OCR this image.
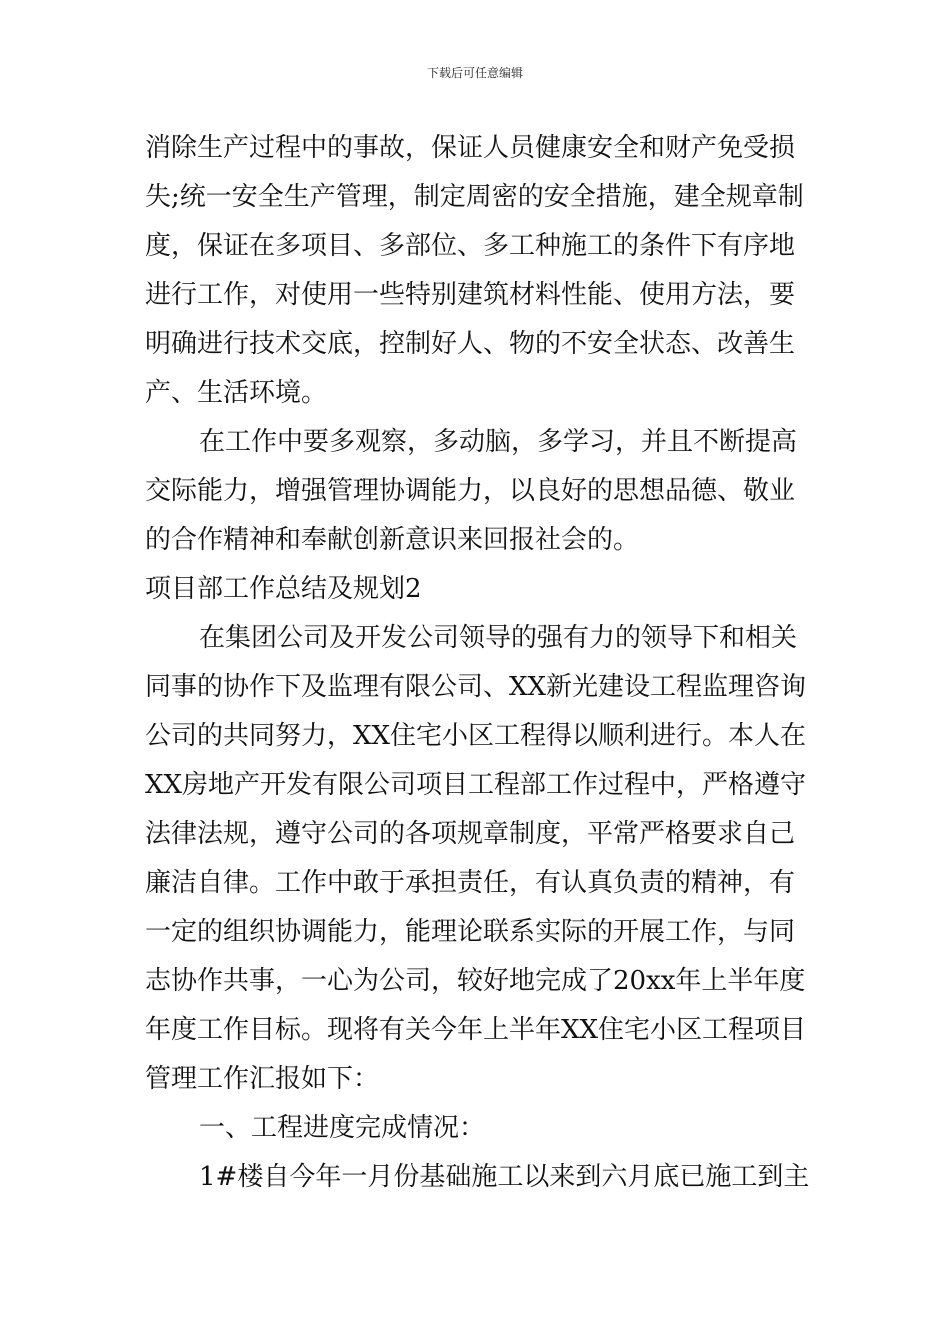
下载后可任意编辑
消除生产过程中的事故，保证人员健康安全和财产免受损
失;统一安全生产管理，制定周密的安全措施，建全规章制
度，保证在多项目、多部位、多工种施工的条件下有序地
进行工作，对使用一些特别建筑材料性能、使用方法，要
明确进行技术交底，控制好人、物的不安全状态、改善生
产、生活环境。
在工作中要多观察，多动脑，多学习，并且不断提高
交际能力，增强管理协调能力，以良好的思想品德、敬业
的合作精神和奉献创新意识来回报社会的。
项目部工作总结及规划2
在集团公司及开发公司领导的强有力的领导下和相关
同事的协作下及监理有限公司、XX新光建设工程监理咨询
公司的共同努力，XX住宅小区工程得以顺利进行。本人在
XX房地产开发有限公司项目工程部工作过程中，严格遵守
法律法规，遵守公司的各项规章制度，平常严格要求自己
廉洁自律。工作中敢于承担责任，有认真负责的精神，有
一定的组织协调能力，能理论联系实际的开展工作，与同
志协作共事，一心为公司，较好地完成了20xx年上半年度
年度工作目标。现将有关今年上半年XX住宅小区工程项目
管理工作汇报如下：
一、工程进度完成情况：
1#楼自今年一月份基础施工以来到六月底已施工到主
